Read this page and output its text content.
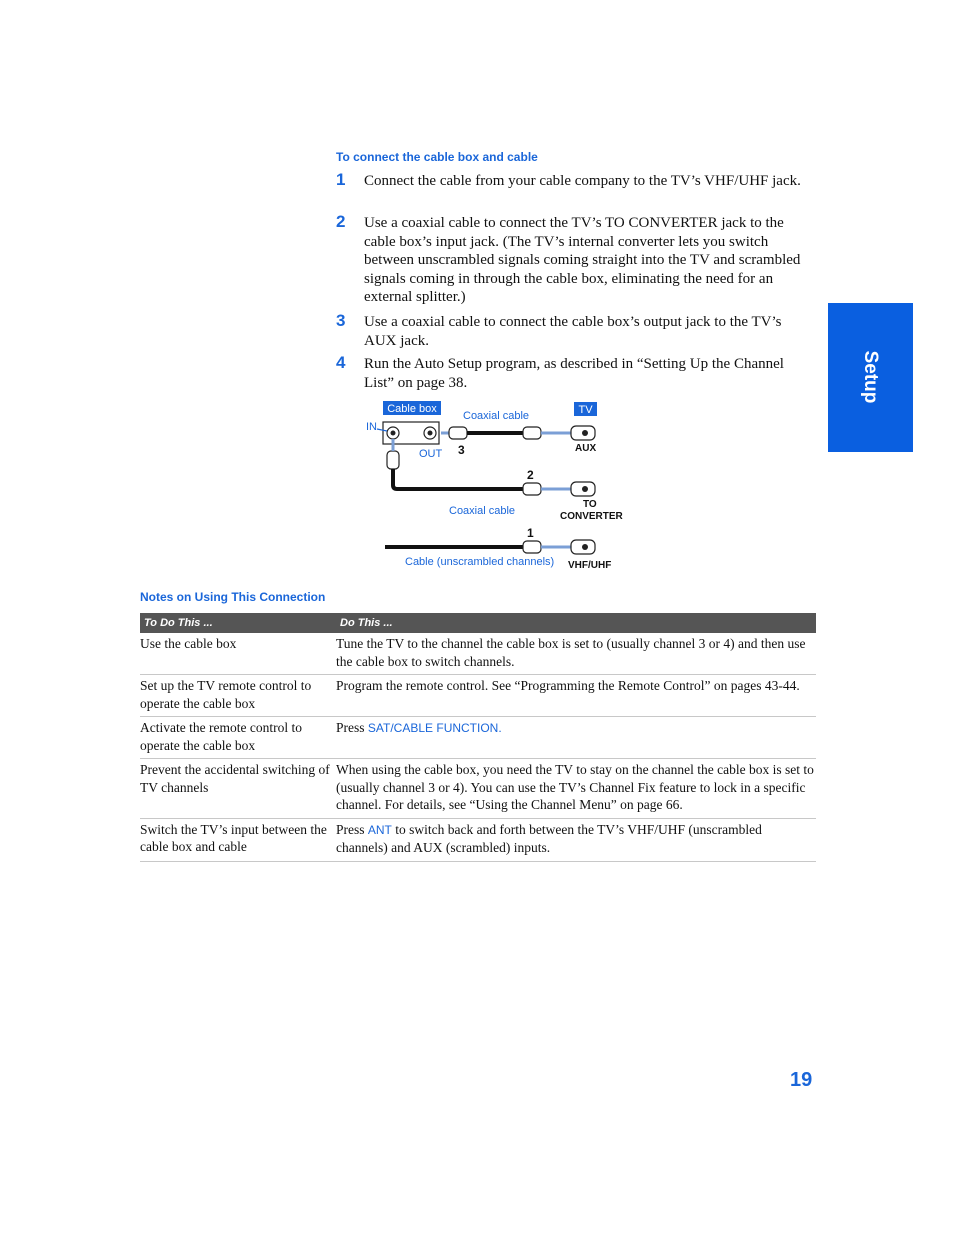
To connect the cable box and cable
1 Connect the cable from your cable company to the TV’s VHF/UHF jack.
2 Use a coaxial cable to connect the TV’s TO CONVERTER jack to the cable box’s input jack. (The TV’s internal converter lets you switch between unscrambled signals coming straight into the TV and scrambled signals coming in through the cable box, eliminating the need for an external splitter.)
3 Use a coaxial cable to connect the cable box’s output jack to the TV’s AUX jack.
4 Run the Auto Setup program, as described in “Setting Up the Channel List” on page 38.	Setup
Cable box	TV
Coaxial cable
IN
OUT
Coaxial cable
Cable (unscrambled channels)
AUX
TO
CONVERTER
VHF/UHF
3
2
1
Notes on Using This Connection
To Do This ...	Do This ...
Use the cable box	Tune the TV to the channel the cable box is set to (usually channel 3 or 4) and then use the cable box to switch channels.
Set up the TV remote control to operate the cable box	Program the remote control. See “Programming the Remote Control” on pages 43-44.
Activate the remote control to operate the cable box	Press SAT/CABLE FUNCTION.
Prevent the accidental switching of TV channels	When using the cable box, you need the TV to stay on the channel the cable box is set to (usually channel 3 or 4). You can use the TV’s Channel Fix feature to lock in a specific channel. For details, see “Using the Channel Menu” on page 66.
Switch the TV’s input between the cable box and cable	Press ANT to switch back and forth between the TV’s VHF/UHF (unscrambled channels) and AUX (scrambled) inputs.
19
